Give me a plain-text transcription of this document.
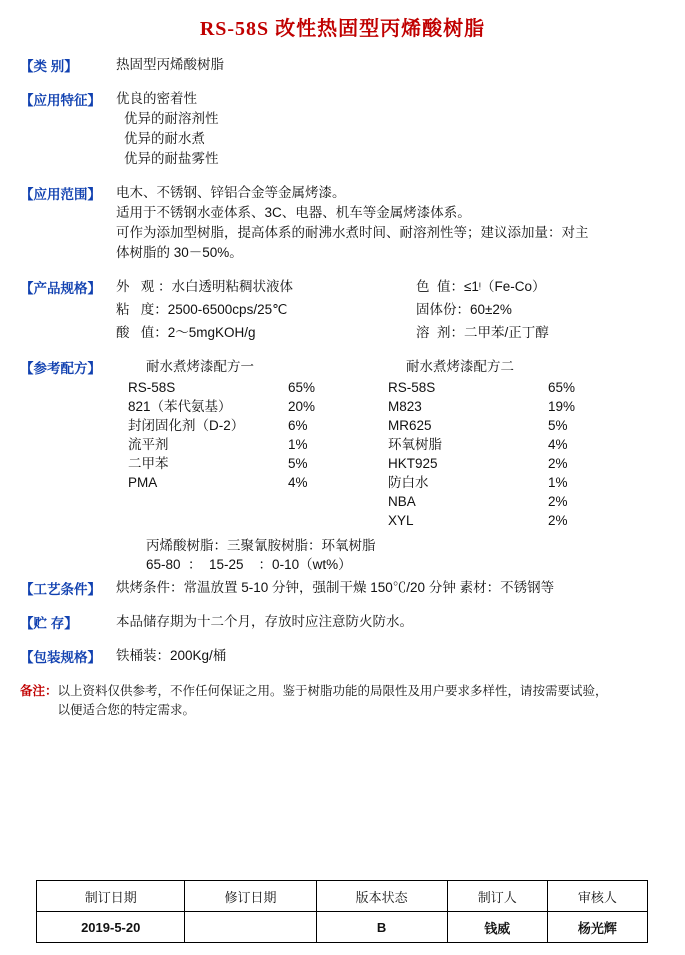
RS-58S 改性热固型丙烯酸树脂
【类 别】	热固型丙烯酸树脂
【应用特征】	优良的密着性
优异的耐溶剂性
优异的耐水煮
优异的耐盐雾性
【应用范围】	电木、不锈钢、锌铝合金等金属烤漆。
适用于不锈钢水壶体系、3C、电器、机车等金属烤漆体系。
可作为添加型树脂，提高体系的耐沸水煮时间、耐溶剂性等；建议添加量：对主
体树脂的 30－50%。
【产品规格】	外   观 ：水白透明粘稠状液体	色  值：≤1ᵎ（Fe-Co）
粘   度：2500-6500cps/25℃	固体份：60±2%
酸   值：2～5mgKOH/g	溶  剂：二甲苯/正丁醇
【参考配方】	耐水煮烤漆配方一	耐水煮烤漆配方二
RS-58S	65%
821（苯代氨基）	20%
封闭固化剂（D-2）	6%
流平剂	1%
二甲苯	5%
PMA	4%
RS-58S	65%
M823	19%
MR625	5%
环氧树脂	4%
HKT925	2%
防白水	1%
NBA	2%
XYL	2%
丙烯酸树脂：三聚氰胺树脂：环氧树脂
65-80  ：  15-25    ：0-10（wt%）
【工艺条件】	烘烤条件：常温放置 5-10 分钟，强制干燥 150℃/20 分钟 素材：不锈钢等
【贮 存】	本品储存期为十二个月，存放时应注意防火防水。
【包装规格】	铁桶装：200Kg/桶
备注： 以上资料仅供参考，不作任何保证之用。鉴于树脂功能的局限性及用户要求多样性，请按需要试验，
以便适合您的特定需求。
制订日期	修订日期	版本状态	制订人	审核人
2019-5-20		B	钱威	杨光辉
